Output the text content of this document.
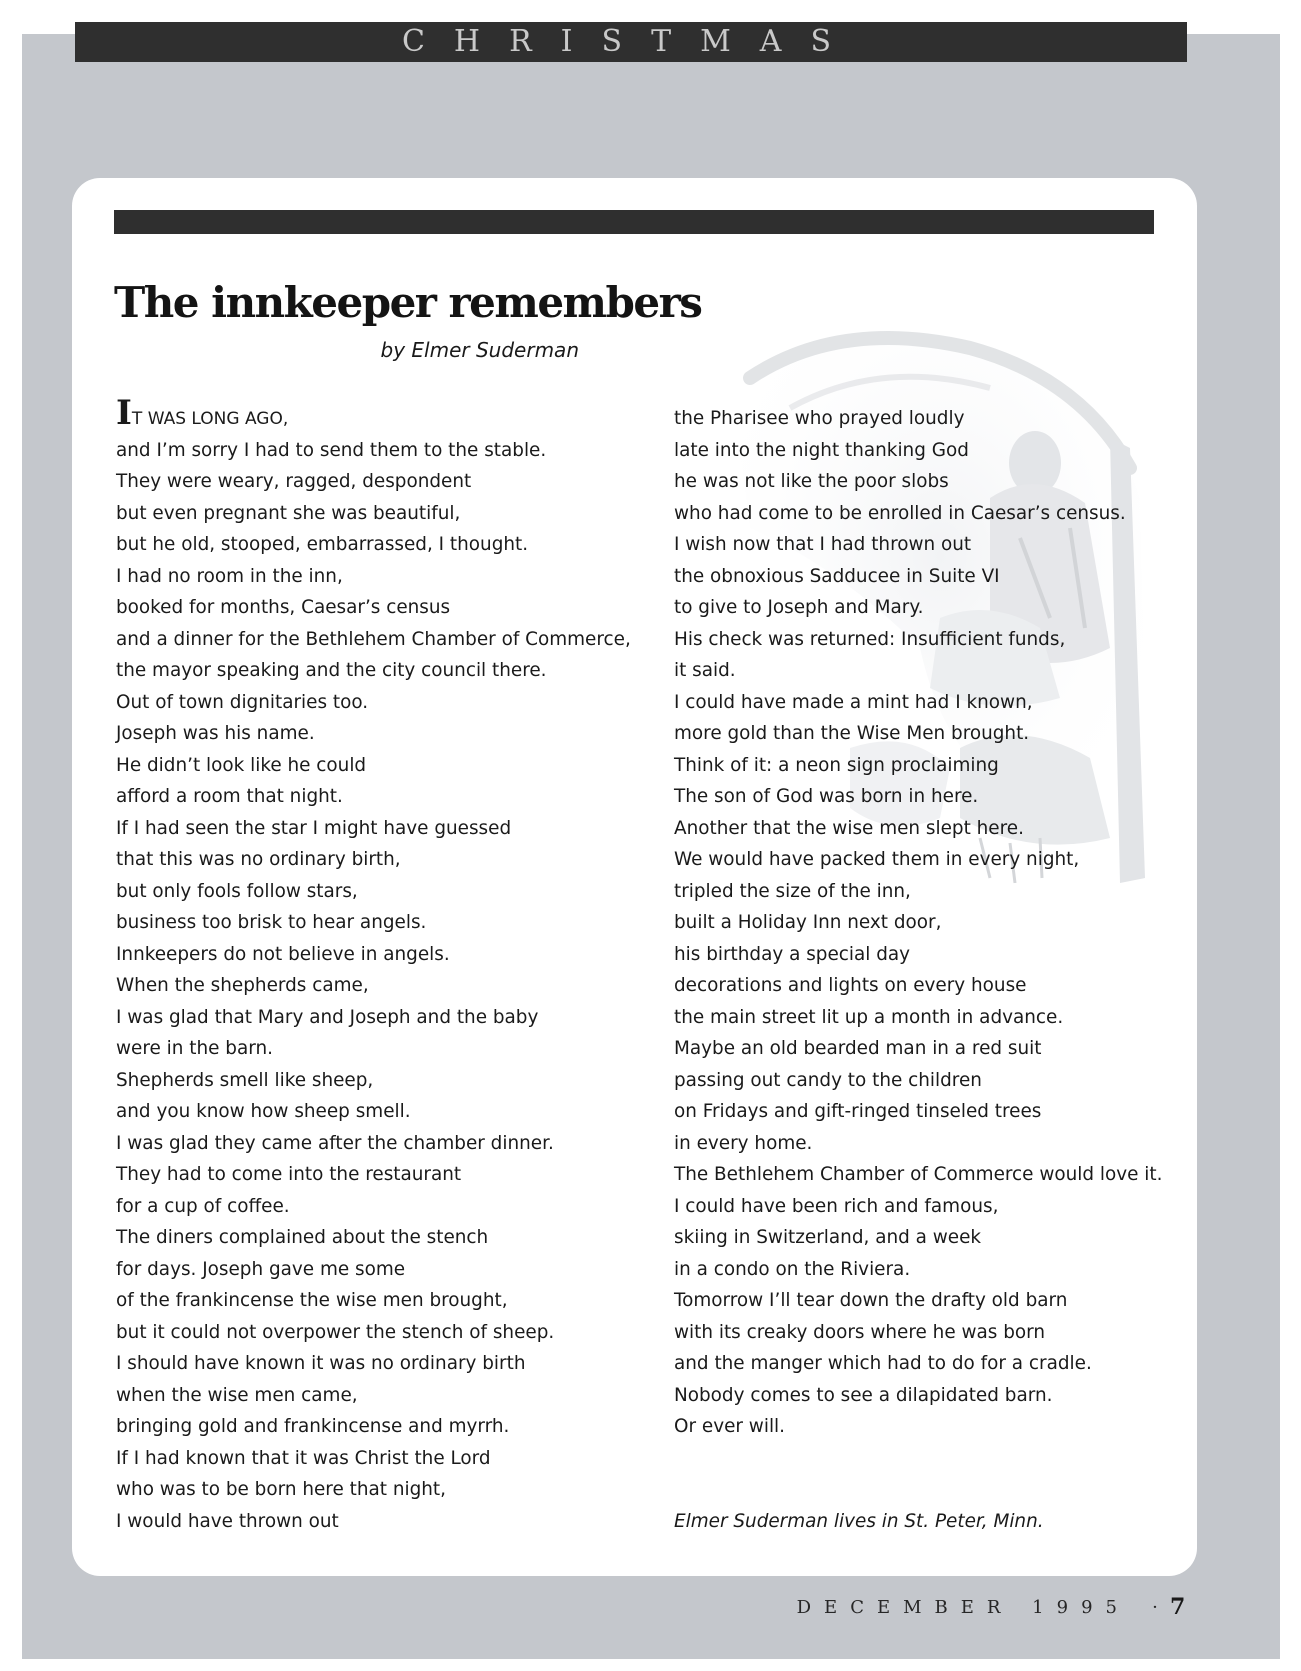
CHRISTMAS
The innkeeper remembers
by Elmer Suderman
IT WAS LONG AGO,
and I’m sorry I had to send them to the stable.
They were weary, ragged, despondent
but even pregnant she was beautiful,
but he old, stooped, embarrassed, I thought.
I had no room in the inn,
booked for months, Caesar’s census
and a dinner for the Bethlehem Chamber of Commerce,
the mayor speaking and the city council there.
Out of town dignitaries too.
Joseph was his name.
He didn’t look like he could
afford a room that night.
If I had seen the star I might have guessed
that this was no ordinary birth,
but only fools follow stars,
business too brisk to hear angels.
Innkeepers do not believe in angels.
When the shepherds came,
I was glad that Mary and Joseph and the baby
were in the barn.
Shepherds smell like sheep,
and you know how sheep smell.
I was glad they came after the chamber dinner.
They had to come into the restaurant
for a cup of coffee.
The diners complained about the stench
for days. Joseph gave me some
of the frankincense the wise men brought,
but it could not overpower the stench of sheep.
I should have known it was no ordinary birth
when the wise men came,
bringing gold and frankincense and myrrh.
If I had known that it was Christ the Lord
who was to be born here that night,
I would have thrown out
the Pharisee who prayed loudly
late into the night thanking God
he was not like the poor slobs
who had come to be enrolled in Caesar’s census.
I wish now that I had thrown out
the obnoxious Sadducee in Suite VI
to give to Joseph and Mary.
His check was returned: Insufficient funds,
it said.
I could have made a mint had I known,
more gold than the Wise Men brought.
Think of it: a neon sign proclaiming
The son of God was born in here.
Another that the wise men slept here.
We would have packed them in every night,
tripled the size of the inn,
built a Holiday Inn next door,
his birthday a special day
decorations and lights on every house
the main street lit up a month in advance.
Maybe an old bearded man in a red suit
passing out candy to the children
on Fridays and gift-ringed tinseled trees
in every home.
The Bethlehem Chamber of Commerce would love it.
I could have been rich and famous,
skiing in Switzerland, and a week
in a condo on the Riviera.
Tomorrow I’ll tear down the drafty old barn
with its creaky doors where he was born
and the manger which had to do for a cradle.
Nobody comes to see a dilapidated barn.
Or ever will.
Elmer Suderman lives in St. Peter, Minn.
DECEMBER 1995	· 7
